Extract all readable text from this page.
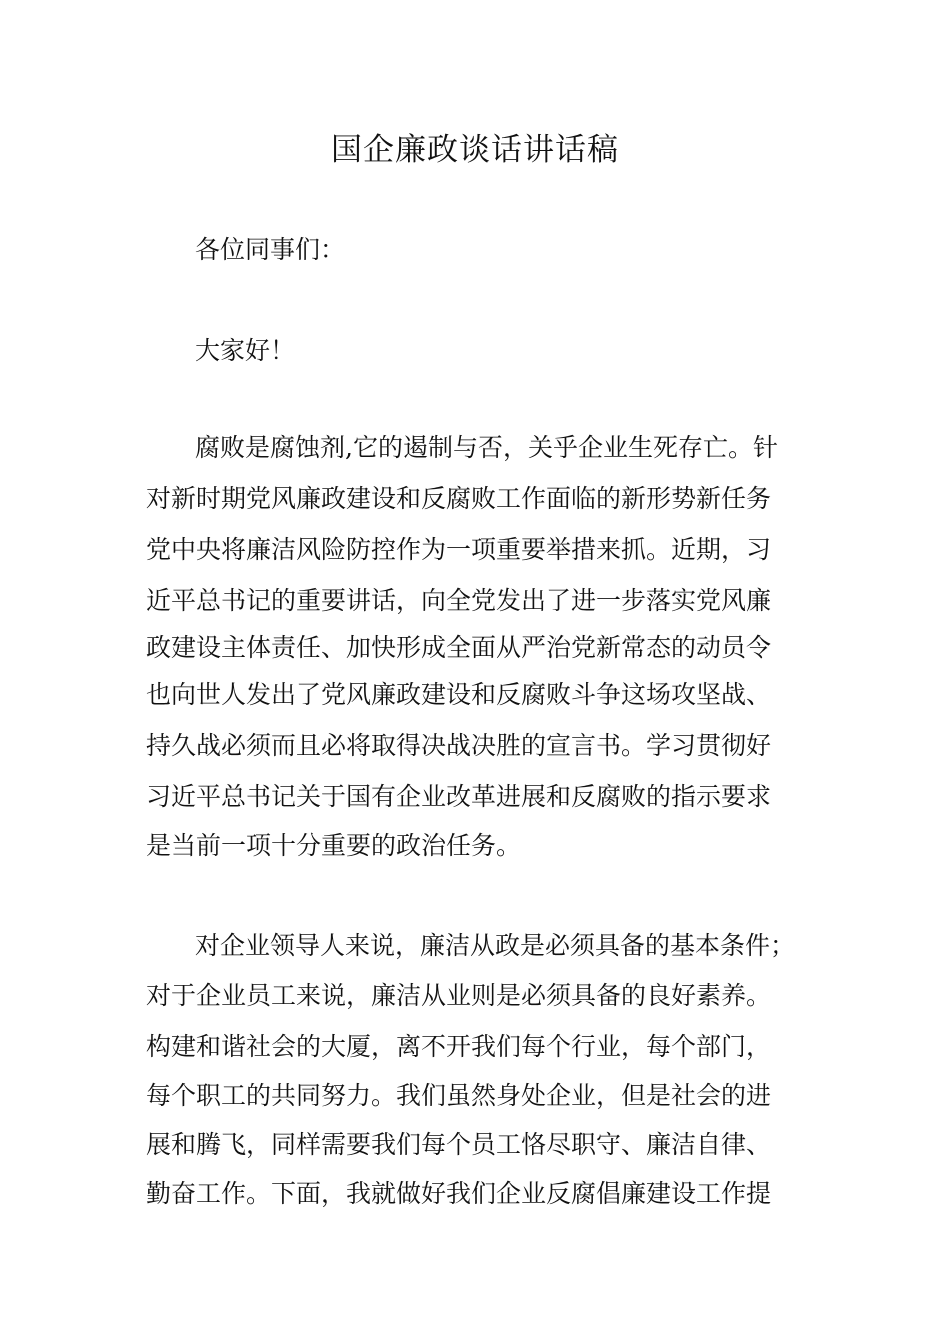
国企廉政谈话讲话稿
各位同事们：
大家好！
腐败是腐蚀剂,它的遏制与否，关乎企业生死存亡。针
对新时期党风廉政建设和反腐败工作面临的新形势新任务
党中央将廉洁风险防控作为一项重要举措来抓。近期，习
近平总书记的重要讲话，向全党发出了进一步落实党风廉
政建设主体责任、加快形成全面从严治党新常态的动员令
也向世人发出了党风廉政建设和反腐败斗争这场攻坚战、
持久战必须而且必将取得决战决胜的宣言书。学习贯彻好
习近平总书记关于国有企业改革进展和反腐败的指示要求
是当前一项十分重要的政治任务。
对企业领导人来说，廉洁从政是必须具备的基本条件；
对于企业员工来说，廉洁从业则是必须具备的良好素养。
构建和谐社会的大厦，离不开我们每个行业，每个部门，
每个职工的共同努力。我们虽然身处企业，但是社会的进
展和腾飞，同样需要我们每个员工恪尽职守、廉洁自律、
勤奋工作。下面，我就做好我们企业反腐倡廉建设工作提
